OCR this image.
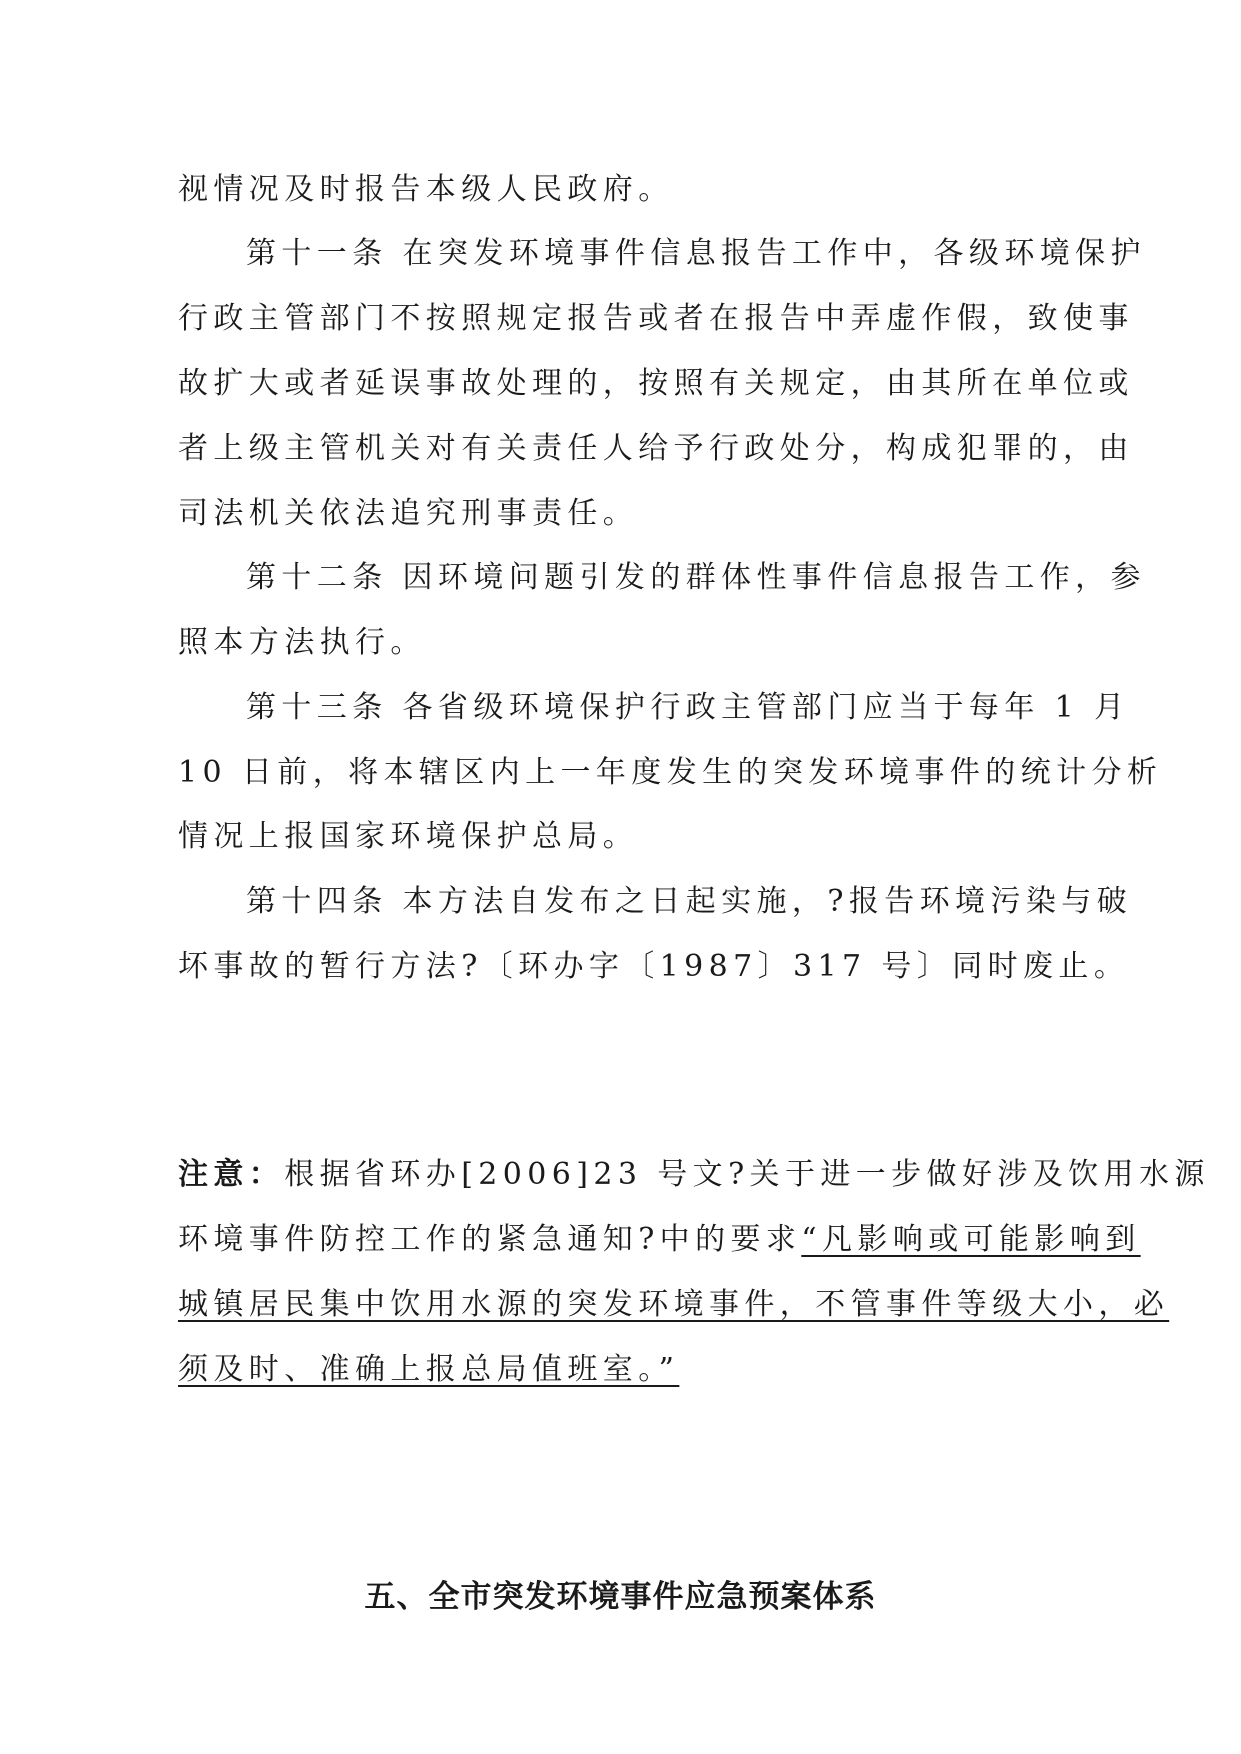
视情况及时报告本级人民政府。
第十一条 在突发环境事件信息报告工作中，各级环境保护
行政主管部门不按照规定报告或者在报告中弄虚作假，致使事
故扩大或者延误事故处理的，按照有关规定，由其所在单位或
者上级主管机关对有关责任人给予行政处分，构成犯罪的，由
司法机关依法追究刑事责任。
第十二条 因环境问题引发的群体性事件信息报告工作，参
照本方法执行。
第十三条 各省级环境保护行政主管部门应当于每年 1 月
10 日前，将本辖区内上一年度发生的突发环境事件的统计分析
情况上报国家环境保护总局。
第十四条 本方法自发布之日起实施，?报告环境污染与破
坏事故的暂行方法?〔环办字〔1987〕317 号〕同时废止。
注意：根据省环办[2006]23 号文?关于进一步做好涉及饮用水源
环境事件防控工作的紧急通知?中的要求“凡影响或可能影响到
城镇居民集中饮用水源的突发环境事件，不管事件等级大小，必
须及时、准确上报总局值班室。”
五、全市突发环境事件应急预案体系
